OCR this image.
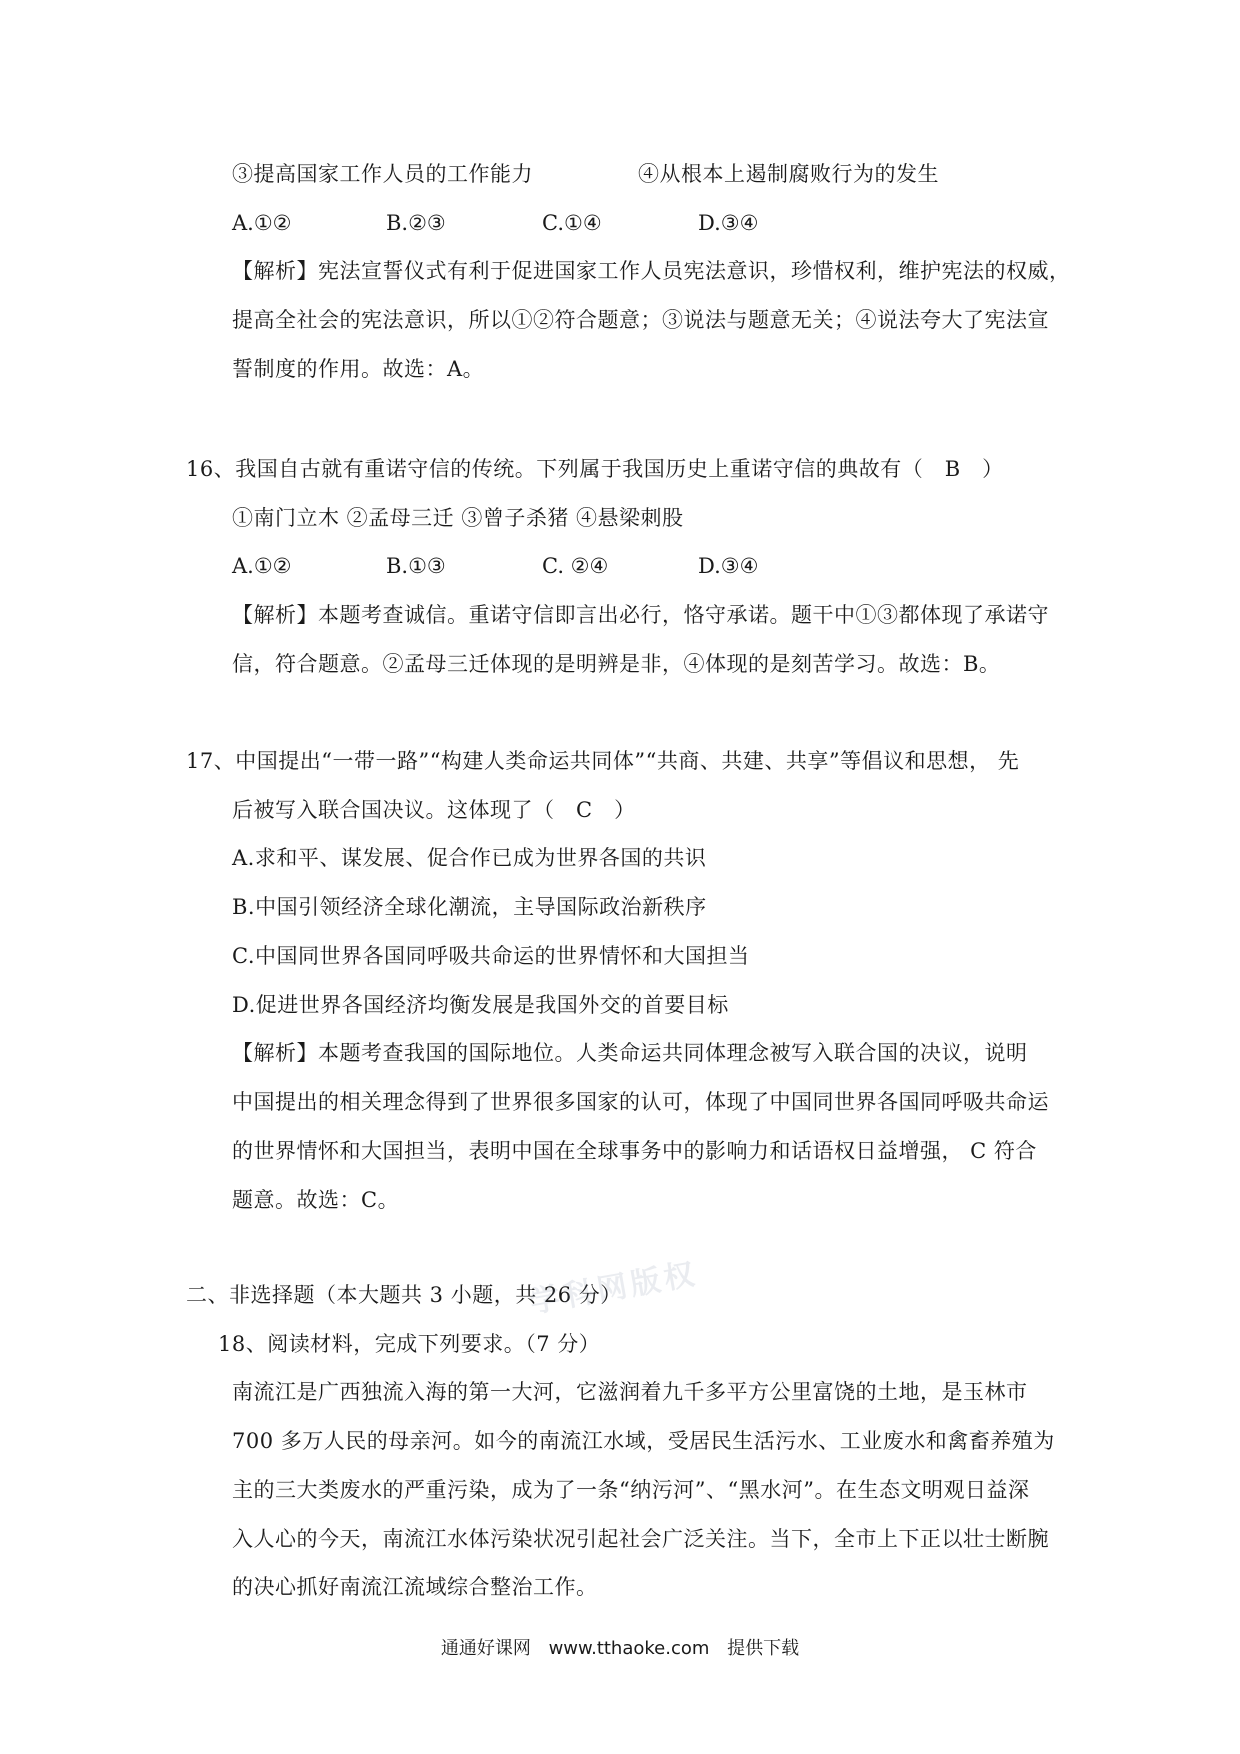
③提高国家工作人员的工作能力	④从根本上遏制腐败行为的发生
A.①②	B.②③	C.①④	D.③④
【解析】宪法宣誓仪式有利于促进国家工作人员宪法意识，珍惜权利，维护宪法的权威，
提高全社会的宪法意识，所以①②符合题意；③说法与题意无关；④说法夸大了宪法宣
誓制度的作用。故选：A。
16、我国自古就有重诺守信的传统。下列属于我国历史上重诺守信的典故有（　B　）
①南门立木 ②孟母三迁 ③曾子杀猪 ④悬梁刺股
A.①②	B.①③	C. ②④	D.③④
【解析】本题考查诚信。重诺守信即言出必行，恪守承诺。题干中①③都体现了承诺守
信，符合题意。②孟母三迁体现的是明辨是非，④体现的是刻苦学习。故选：B。
17、中国提出“一带一路”“构建人类命运共同体”“共商、共建、共享”等倡议和思想， 先
后被写入联合国决议。这体现了（　C　）
A.求和平、谋发展、促合作已成为世界各国的共识
B.中国引领经济全球化潮流，主导国际政治新秩序
C.中国同世界各国同呼吸共命运的世界情怀和大国担当
D.促进世界各国经济均衡发展是我国外交的首要目标
【解析】本题考查我国的国际地位。人类命运共同体理念被写入联合国的决议，说明
中国提出的相关理念得到了世界很多国家的认可，体现了中国同世界各国同呼吸共命运
的世界情怀和大国担当，表明中国在全球事务中的影响力和话语权日益增强， C 符合
题意。故选：C。
二、非选择题（本大题共 3 小题，共 26 分）
18、阅读材料，完成下列要求。（7 分）
南流江是广西独流入海的第一大河，它滋润着九千多平方公里富饶的土地，是玉林市
700 多万人民的母亲河。如今的南流江水域，受居民生活污水、工业废水和禽畜养殖为
主的三大类废水的严重污染，成为了一条“纳污河”、“黑水河”。在生态文明观日益深
入人心的今天，南流江水体污染状况引起社会广泛关注。当下，全市上下正以壮士断腕
的决心抓好南流江流域综合整治工作。
学科网版权
通通好课网 www.tthaoke.com 提供下载
